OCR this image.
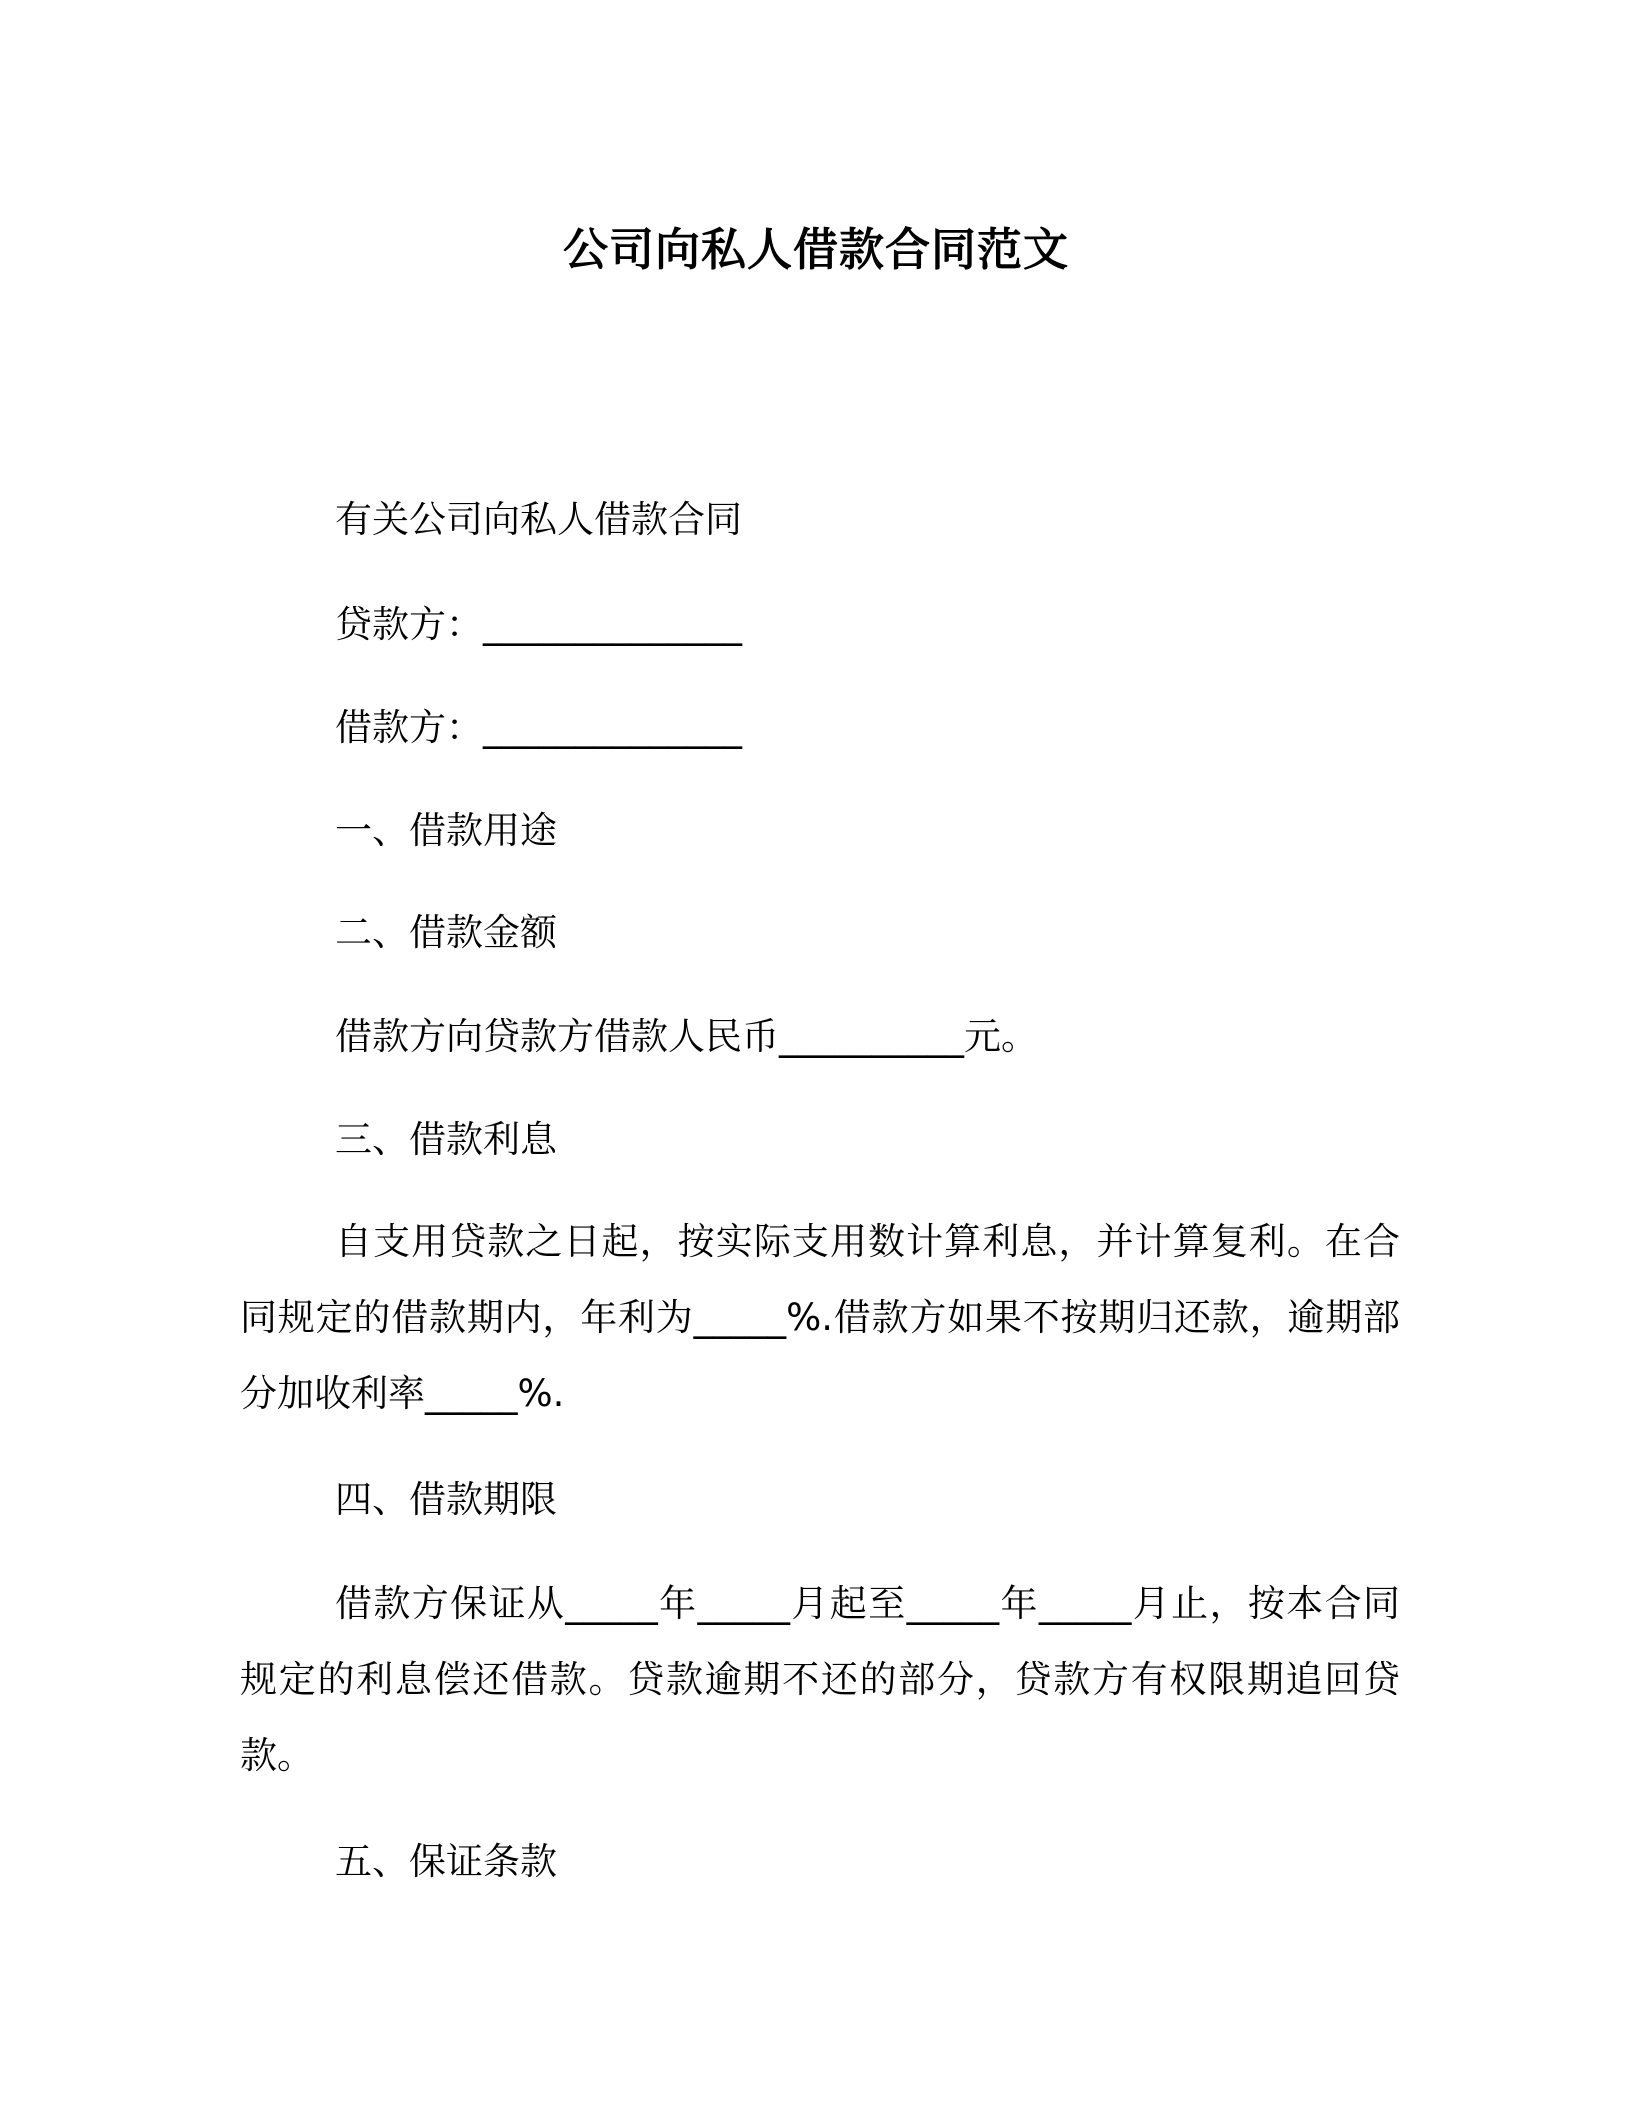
公司向私人借款合同范文
有关公司向私人借款合同
贷款方：______________
借款方：______________
一、借款用途
二、借款金额
借款方向贷款方借款人民币__________元。
三、借款利息
自支用贷款之日起，按实际支用数计算利息，并计算复利。在合同规定的借款期内，年利为_____%.借款方如果不按期归还款，逾期部分加收利率_____%.
四、借款期限
借款方保证从_____年_____月起至_____年_____月止，按本合同规定的利息偿还借款。贷款逾期不还的部分，贷款方有权限期追回贷款。
五、保证条款
